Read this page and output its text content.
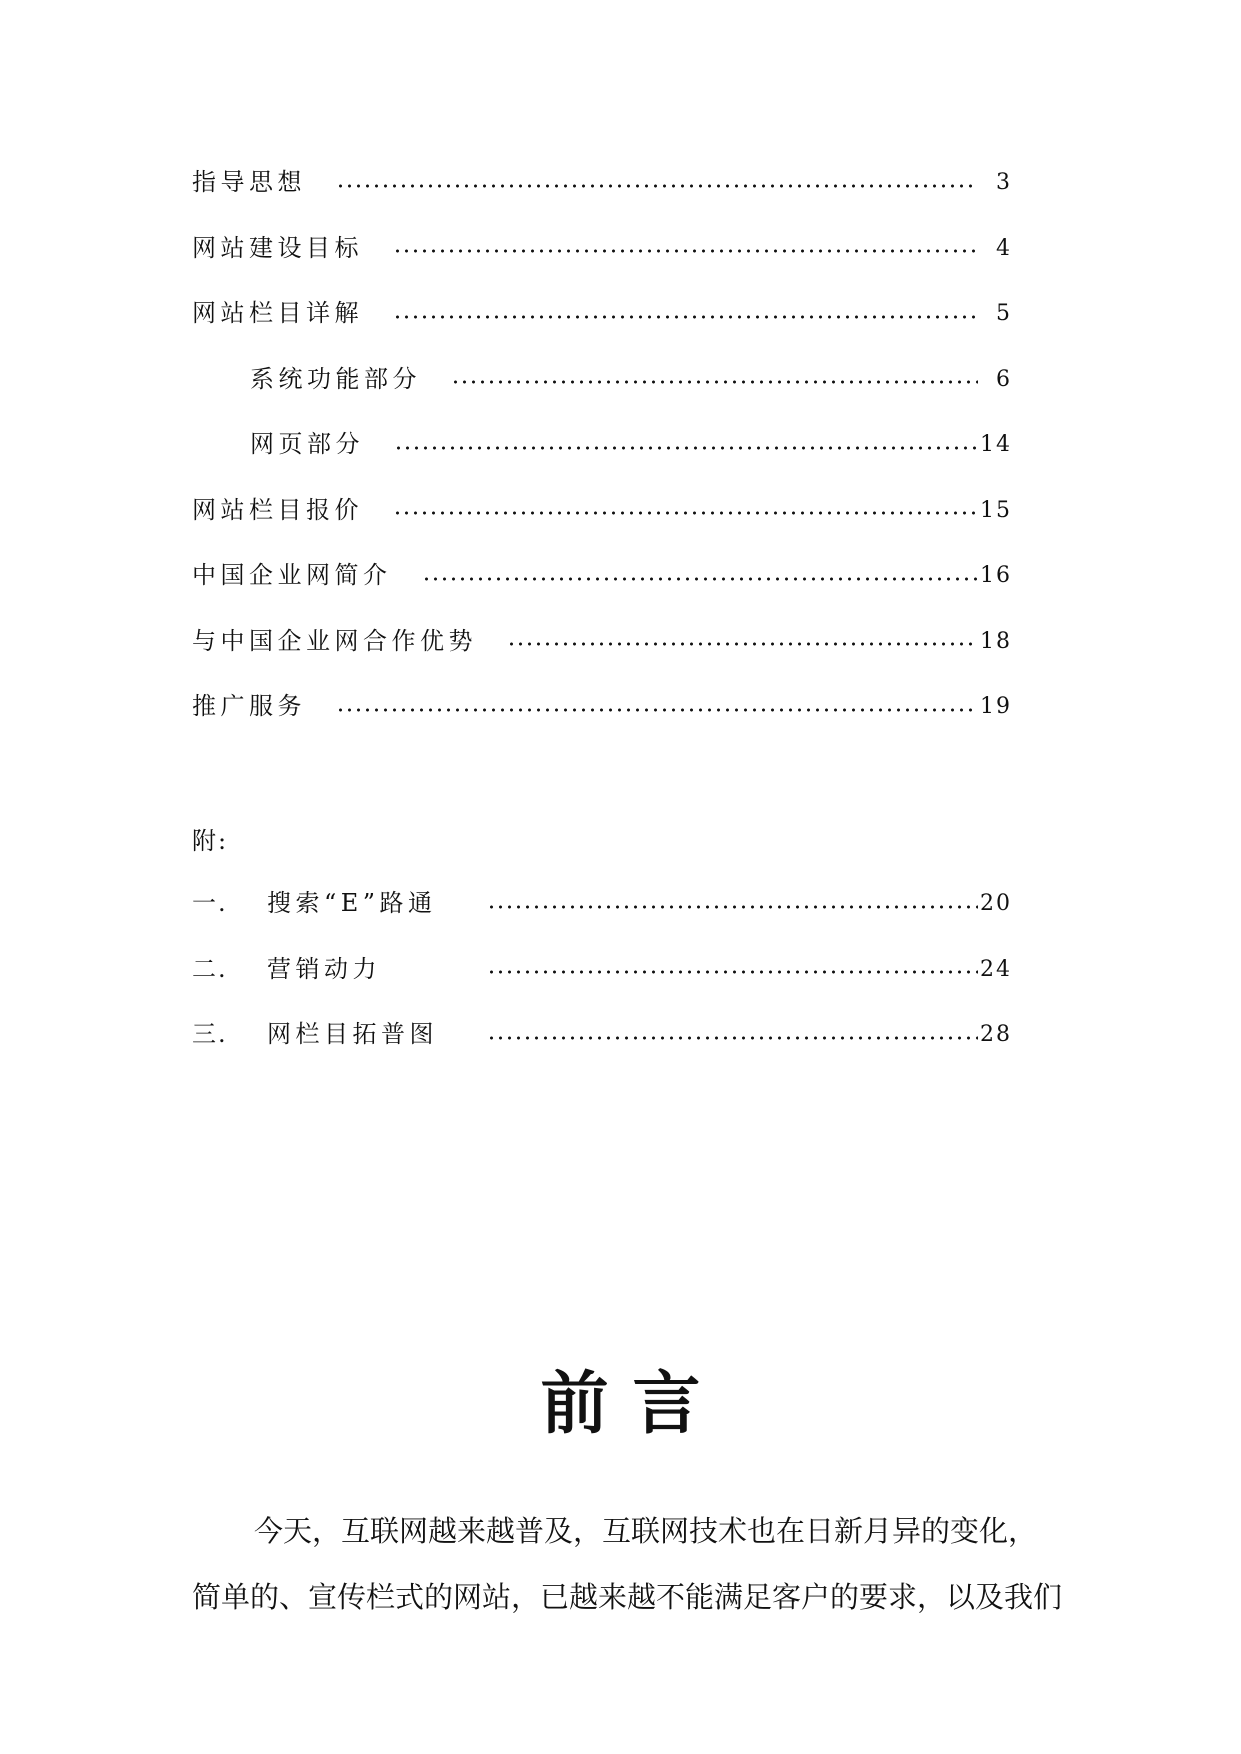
指导思想	3
网站建设目标	4
网站栏目详解	5
系统功能部分	6
网页部分	14
网站栏目报价	15
中国企业网简介	16
与中国企业网合作优势	18
推广服务	19
附:
一.	搜索“E”路通	20
二.	营销动力	24
三.	网栏目拓普图	28
前言
今天，互联网越来越普及，互联网技术也在日新月异的变化，
简单的、宣传栏式的网站，已越来越不能满足客户的要求，以及我们
